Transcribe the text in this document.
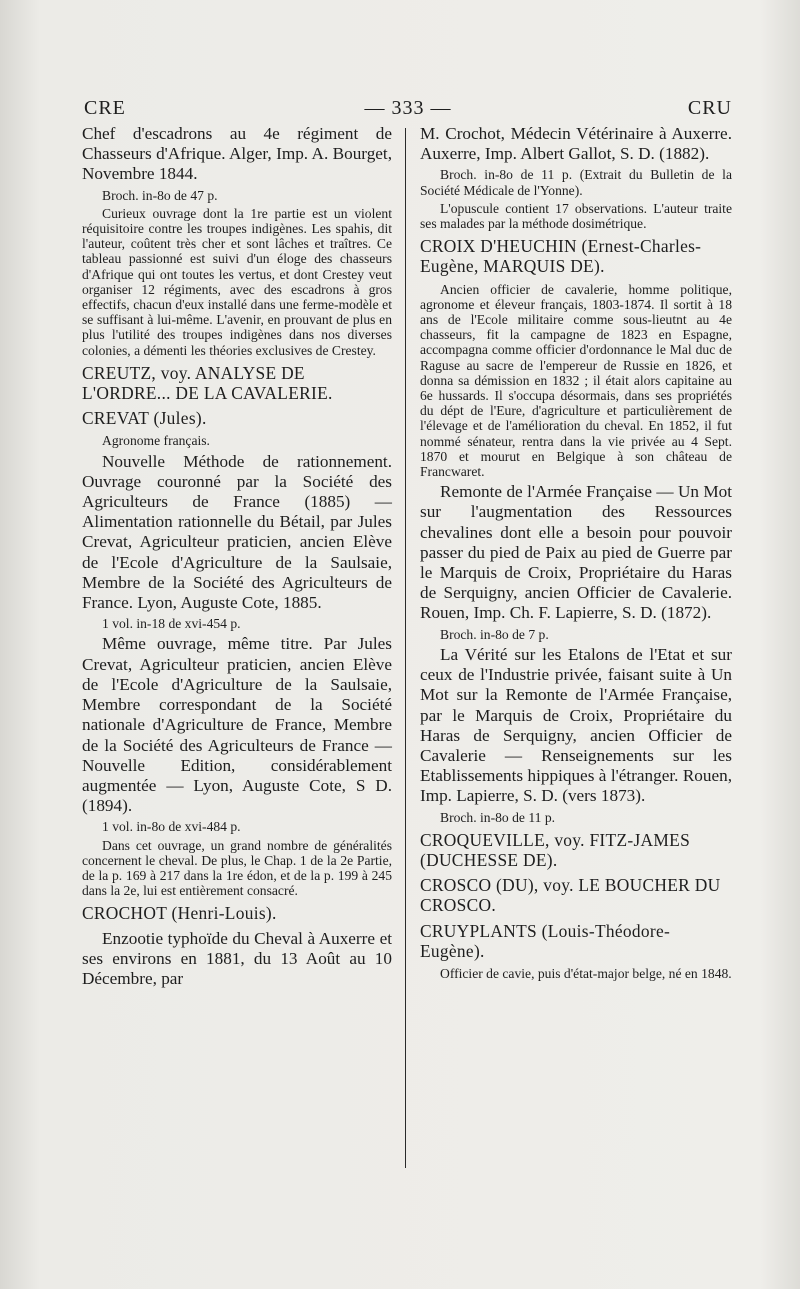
CRE	— 333 —	CRU

Chef d'escadrons au 4e régiment de Chasseurs d'Afrique. Alger, Imp. A. Bourget, Novembre 1844.

Broch. in-8o de 47 p.

Curieux ouvrage dont la 1re partie est un violent réquisitoire contre les troupes indigènes. Les spahis, dit l'auteur, coûtent très cher et sont lâches et traîtres. Ce tableau passionné est suivi d'un éloge des chasseurs d'Afrique qui ont toutes les vertus, et dont Crestey veut organiser 12 régiments, avec des escadrons à gros effectifs, chacun d'eux installé dans une ferme-modèle et se suffisant à lui-même. L'avenir, en prouvant de plus en plus l'utilité des troupes indigènes dans nos diverses colonies, a démenti les théories exclusives de Crestey.

CREUTZ, voy. ANALYSE DE L'ORDRE... DE LA CAVALERIE.

CREVAT (Jules).

Agronome français.

Nouvelle Méthode de rationnement. Ouvrage couronné par la Société des Agriculteurs de France (1885) — Alimentation rationnelle du Bétail, par Jules Crevat, Agriculteur praticien, ancien Elève de l'Ecole d'Agriculture de la Saulsaie, Membre de la Société des Agriculteurs de France. Lyon, Auguste Cote, 1885.

1 vol. in-18 de xvi-454 p.

Même ouvrage, même titre. Par Jules Crevat, Agriculteur praticien, ancien Elève de l'Ecole d'Agriculture de la Saulsaie, Membre correspondant de la Société nationale d'Agriculture de France, Membre de la Société des Agriculteurs de France — Nouvelle Edition, considérablement augmentée — Lyon, Auguste Cote, S D. (1894).

1 vol. in-8o de xvi-484 p.

Dans cet ouvrage, un grand nombre de généralités concernent le cheval. De plus, le Chap. 1 de la 2e Partie, de la p. 169 à 217 dans la 1re édon, et de la p. 199 à 245 dans la 2e, lui est entièrement consacré.

CROCHOT (Henri-Louis).

Enzootie typhoïde du Cheval à Auxerre et ses environs en 1881, du 13 Août au 10 Décembre, par

M. Crochot, Médecin Vétérinaire à Auxerre. Auxerre, Imp. Albert Gallot, S. D. (1882).

Broch. in-8o de 11 p. (Extrait du Bulletin de la Société Médicale de l'Yonne).

L'opuscule contient 17 observations. L'auteur traite ses malades par la méthode dosimétrique.

CROIX D'HEUCHIN (Ernest-Charles-Eugène, MARQUIS DE).

Ancien officier de cavalerie, homme politique, agronome et éleveur français, 1803-1874. Il sortit à 18 ans de l'Ecole militaire comme sous-lieutnt au 4e chasseurs, fit la campagne de 1823 en Espagne, accompagna comme officier d'ordonnance le Mal duc de Raguse au sacre de l'empereur de Russie en 1826, et donna sa démission en 1832 ; il était alors capitaine au 6e hussards. Il s'occupa désormais, dans ses propriétés du dépt de l'Eure, d'agriculture et particulièrement de l'élevage et de l'amélioration du cheval. En 1852, il fut nommé sénateur, rentra dans la vie privée au 4 Sept. 1870 et mourut en Belgique à son château de Francwaret.

Remonte de l'Armée Française — Un Mot sur l'augmentation des Ressources chevalines dont elle a besoin pour pouvoir passer du pied de Paix au pied de Guerre par le Marquis de Croix, Propriétaire du Haras de Serquigny, ancien Officier de Cavalerie. Rouen, Imp. Ch. F. Lapierre, S. D. (1872).

Broch. in-8o de 7 p.

La Vérité sur les Etalons de l'Etat et sur ceux de l'Industrie privée, faisant suite à Un Mot sur la Remonte de l'Armée Française, par le Marquis de Croix, Propriétaire du Haras de Serquigny, ancien Officier de Cavalerie — Renseignements sur les Etablissements hippiques à l'étranger. Rouen, Imp. Lapierre, S. D. (vers 1873).

Broch. in-8o de 11 p.

CROQUEVILLE, voy. FITZ-JAMES (DUCHESSE DE).

CROSCO (DU), voy. LE BOUCHER DU CROSCO.

CRUYPLANTS (Louis-Théodore-Eugène).

Officier de cavie, puis d'état-major belge, né en 1848.
